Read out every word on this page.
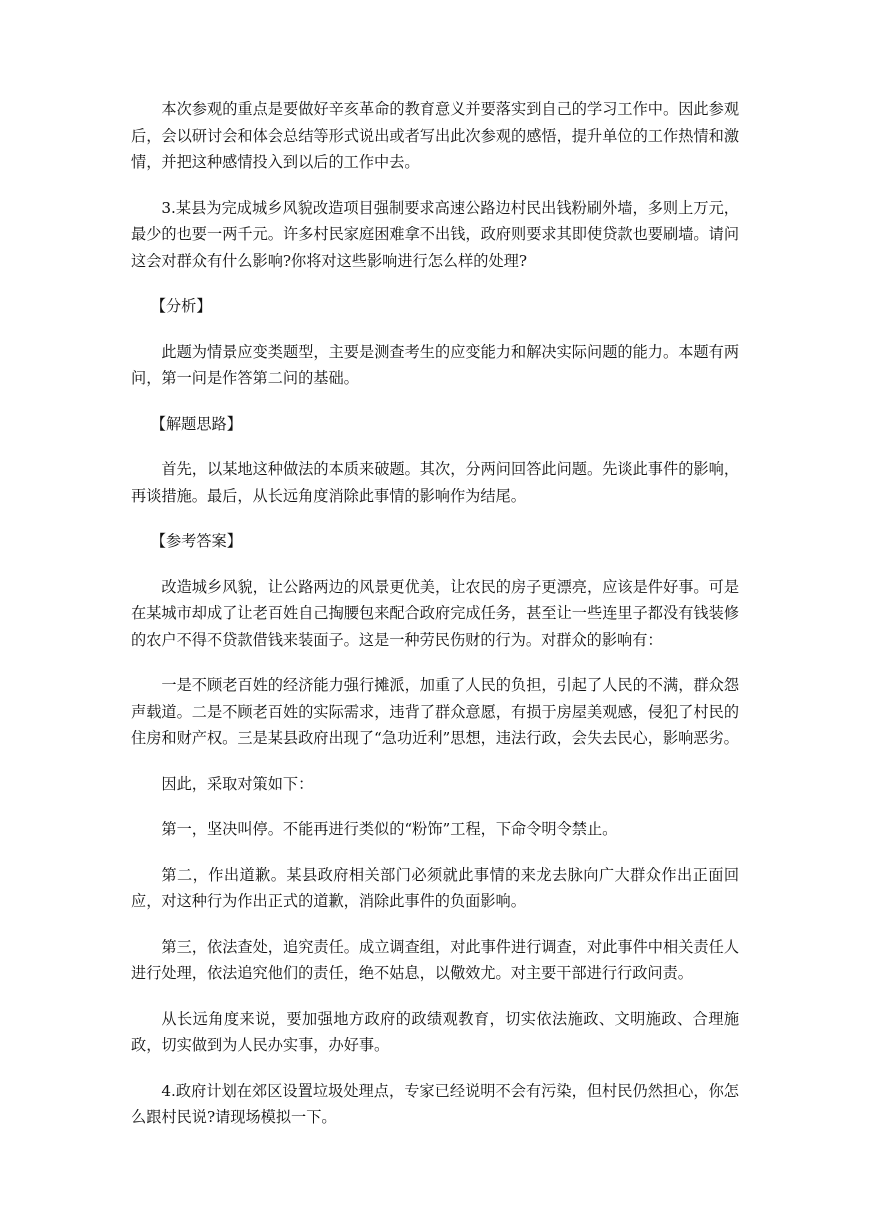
本次参观的重点是要做好辛亥革命的教育意义并要落实到自己的学习工作中。因此参观后，会以研讨会和体会总结等形式说出或者写出此次参观的感悟，提升单位的工作热情和激情，并把这种感情投入到以后的工作中去。

3.某县为完成城乡风貌改造项目强制要求高速公路边村民出钱粉刷外墙，多则上万元，最少的也要一两千元。许多村民家庭困难拿不出钱，政府则要求其即使贷款也要刷墙。请问这会对群众有什么影响?你将对这些影响进行怎么样的处理?

【分析】

此题为情景应变类题型，主要是测查考生的应变能力和解决实际问题的能力。本题有两问，第一问是作答第二问的基础。

【解题思路】

首先，以某地这种做法的本质来破题。其次，分两问回答此问题。先谈此事件的影响，再谈措施。最后，从长远角度消除此事情的影响作为结尾。

【参考答案】

改造城乡风貌，让公路两边的风景更优美，让农民的房子更漂亮，应该是件好事。可是在某城市却成了让老百姓自己掏腰包来配合政府完成任务，甚至让一些连里子都没有钱装修的农户不得不贷款借钱来装面子。这是一种劳民伤财的行为。对群众的影响有：

一是不顾老百姓的经济能力强行摊派，加重了人民的负担，引起了人民的不满，群众怨声载道。二是不顾老百姓的实际需求，违背了群众意愿，有损于房屋美观感，侵犯了村民的住房和财产权。三是某县政府出现了“急功近利”思想，违法行政，会失去民心，影响恶劣。

因此，采取对策如下：

第一，坚决叫停。不能再进行类似的“粉饰”工程，下命令明令禁止。

第二，作出道歉。某县政府相关部门必须就此事情的来龙去脉向广大群众作出正面回应，对这种行为作出正式的道歉，消除此事件的负面影响。

第三，依法查处，追究责任。成立调查组，对此事件进行调查，对此事件中相关责任人进行处理，依法追究他们的责任，绝不姑息，以儆效尤。对主要干部进行行政问责。

从长远角度来说，要加强地方政府的政绩观教育，切实依法施政、文明施政、合理施政，切实做到为人民办实事，办好事。

4.政府计划在郊区设置垃圾处理点，专家已经说明不会有污染，但村民仍然担心，你怎么跟村民说?请现场模拟一下。
